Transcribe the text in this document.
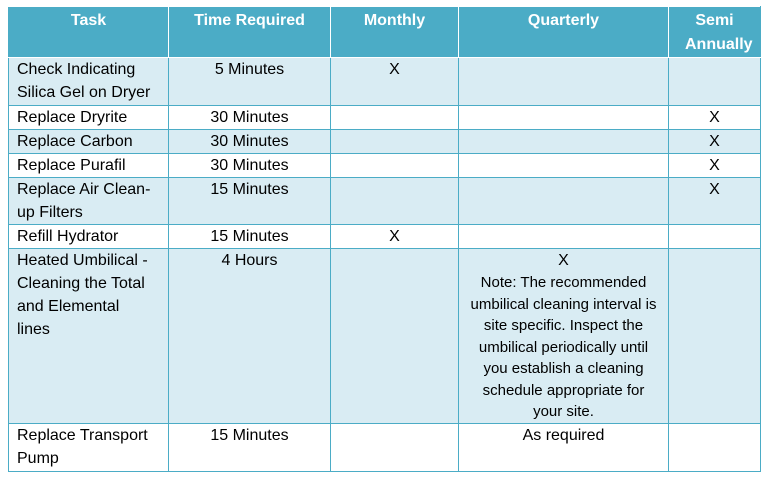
Task	Time Required	Monthly	Quarterly	Semi Annually
Check Indicating Silica Gel on Dryer	5 Minutes	X		
Replace Dryrite	30 Minutes			X
Replace Carbon	30 Minutes			X
Replace Purafil	30 Minutes			X
Replace Air Clean-up Filters	15 Minutes			X
Refill Hydrator	15 Minutes	X		
Heated Umbilical - Cleaning the Total and Elemental lines	4 Hours		X
Note: The recommended umbilical cleaning interval is site specific. Inspect the umbilical periodically until you establish a cleaning schedule appropriate for your site.	

Replace Transport Pump	15 Minutes		As required	
